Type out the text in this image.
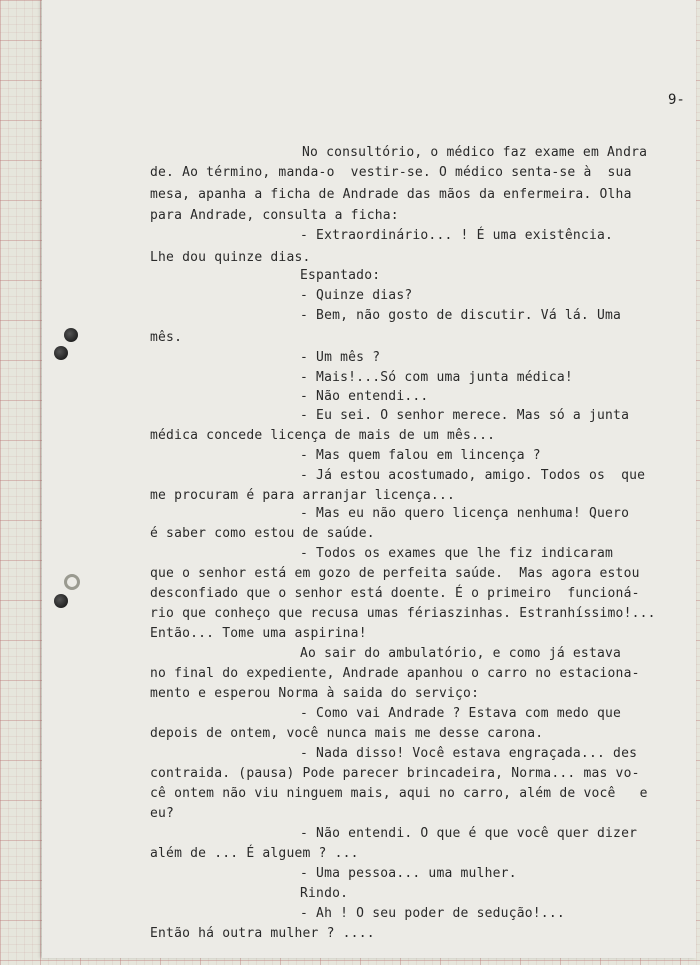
9-
No consultório, o médico faz exame em Andra
de. Ao término, manda-o  vestir-se. O médico senta-se à  sua
mesa, apanha a ficha de Andrade das mãos da enfermeira. Olha
para Andrade, consulta a ficha:
- Extraordinário... ! É uma existência.
Lhe dou quinze dias.
Espantado:
- Quinze dias?
- Bem, não gosto de discutir. Vá lá. Uma
mês.
- Um mês ?
- Mais!...Só com uma junta médica!
- Não entendi...
- Eu sei. O senhor merece. Mas só a junta
médica concede licença de mais de um mês...
- Mas quem falou em lincença ?
- Já estou acostumado, amigo. Todos os  que
me procuram é para arranjar licença...
- Mas eu não quero licença nenhuma! Quero
é saber como estou de saúde.
- Todos os exames que lhe fiz indicaram
que o senhor está em gozo de perfeita saúde.  Mas agora estou
desconfiado que o senhor está doente. É o primeiro  funcioná-
rio que conheço que recusa umas fériaszinhas. Estranhíssimo!...
Então... Tome uma aspirina!
Ao sair do ambulatório, e como já estava
no final do expediente, Andrade apanhou o carro no estaciona-
mento e esperou Norma à saida do serviço:
- Como vai Andrade ? Estava com medo que
depois de ontem, você nunca mais me desse carona.
- Nada disso! Você estava engraçada... des
contraida. (pausa) Pode parecer brincadeira, Norma... mas vo-
cê ontem não viu ninguem mais, aqui no carro, além de você   e
eu?
- Não entendi. O que é que você quer dizer
além de ... É alguem ? ...
- Uma pessoa... uma mulher.
Rindo.
- Ah ! O seu poder de sedução!...
Então há outra mulher ? ....
